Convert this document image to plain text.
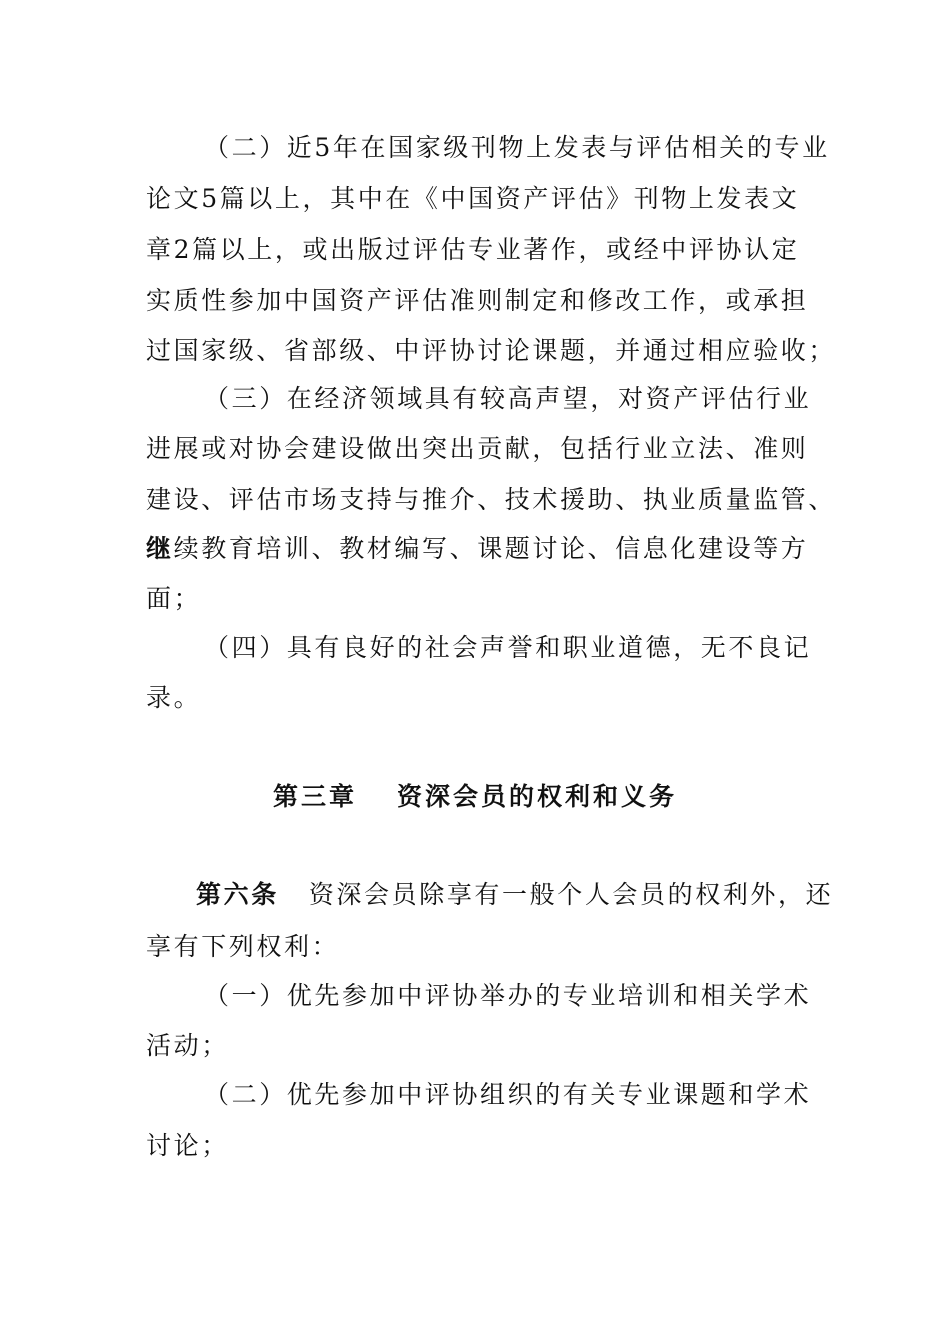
（二）近5年在国家级刊物上发表与评估相关的专业
论文5篇以上，其中在《中国资产评估》刊物上发表文
章2篇以上，或出版过评估专业著作，或经中评协认定
实质性参加中国资产评估准则制定和修改工作，或承担
过国家级、省部级、中评协讨论课题，并通过相应验收；
（三）在经济领域具有较高声望，对资产评估行业
进展或对协会建设做出突出贡献，包括行业立法、准则
建设、评估市场支持与推介、技术援助、执业质量监管、
继续教育培训、教材编写、课题讨论、信息化建设等方
面；
（四）具有良好的社会声誉和职业道德，无不良记
录。
第三章 资深会员的权利和义务
第六条 资深会员除享有一般个人会员的权利外，还
享有下列权利：
（一）优先参加中评协举办的专业培训和相关学术
活动；
（二）优先参加中评协组织的有关专业课题和学术
讨论；
